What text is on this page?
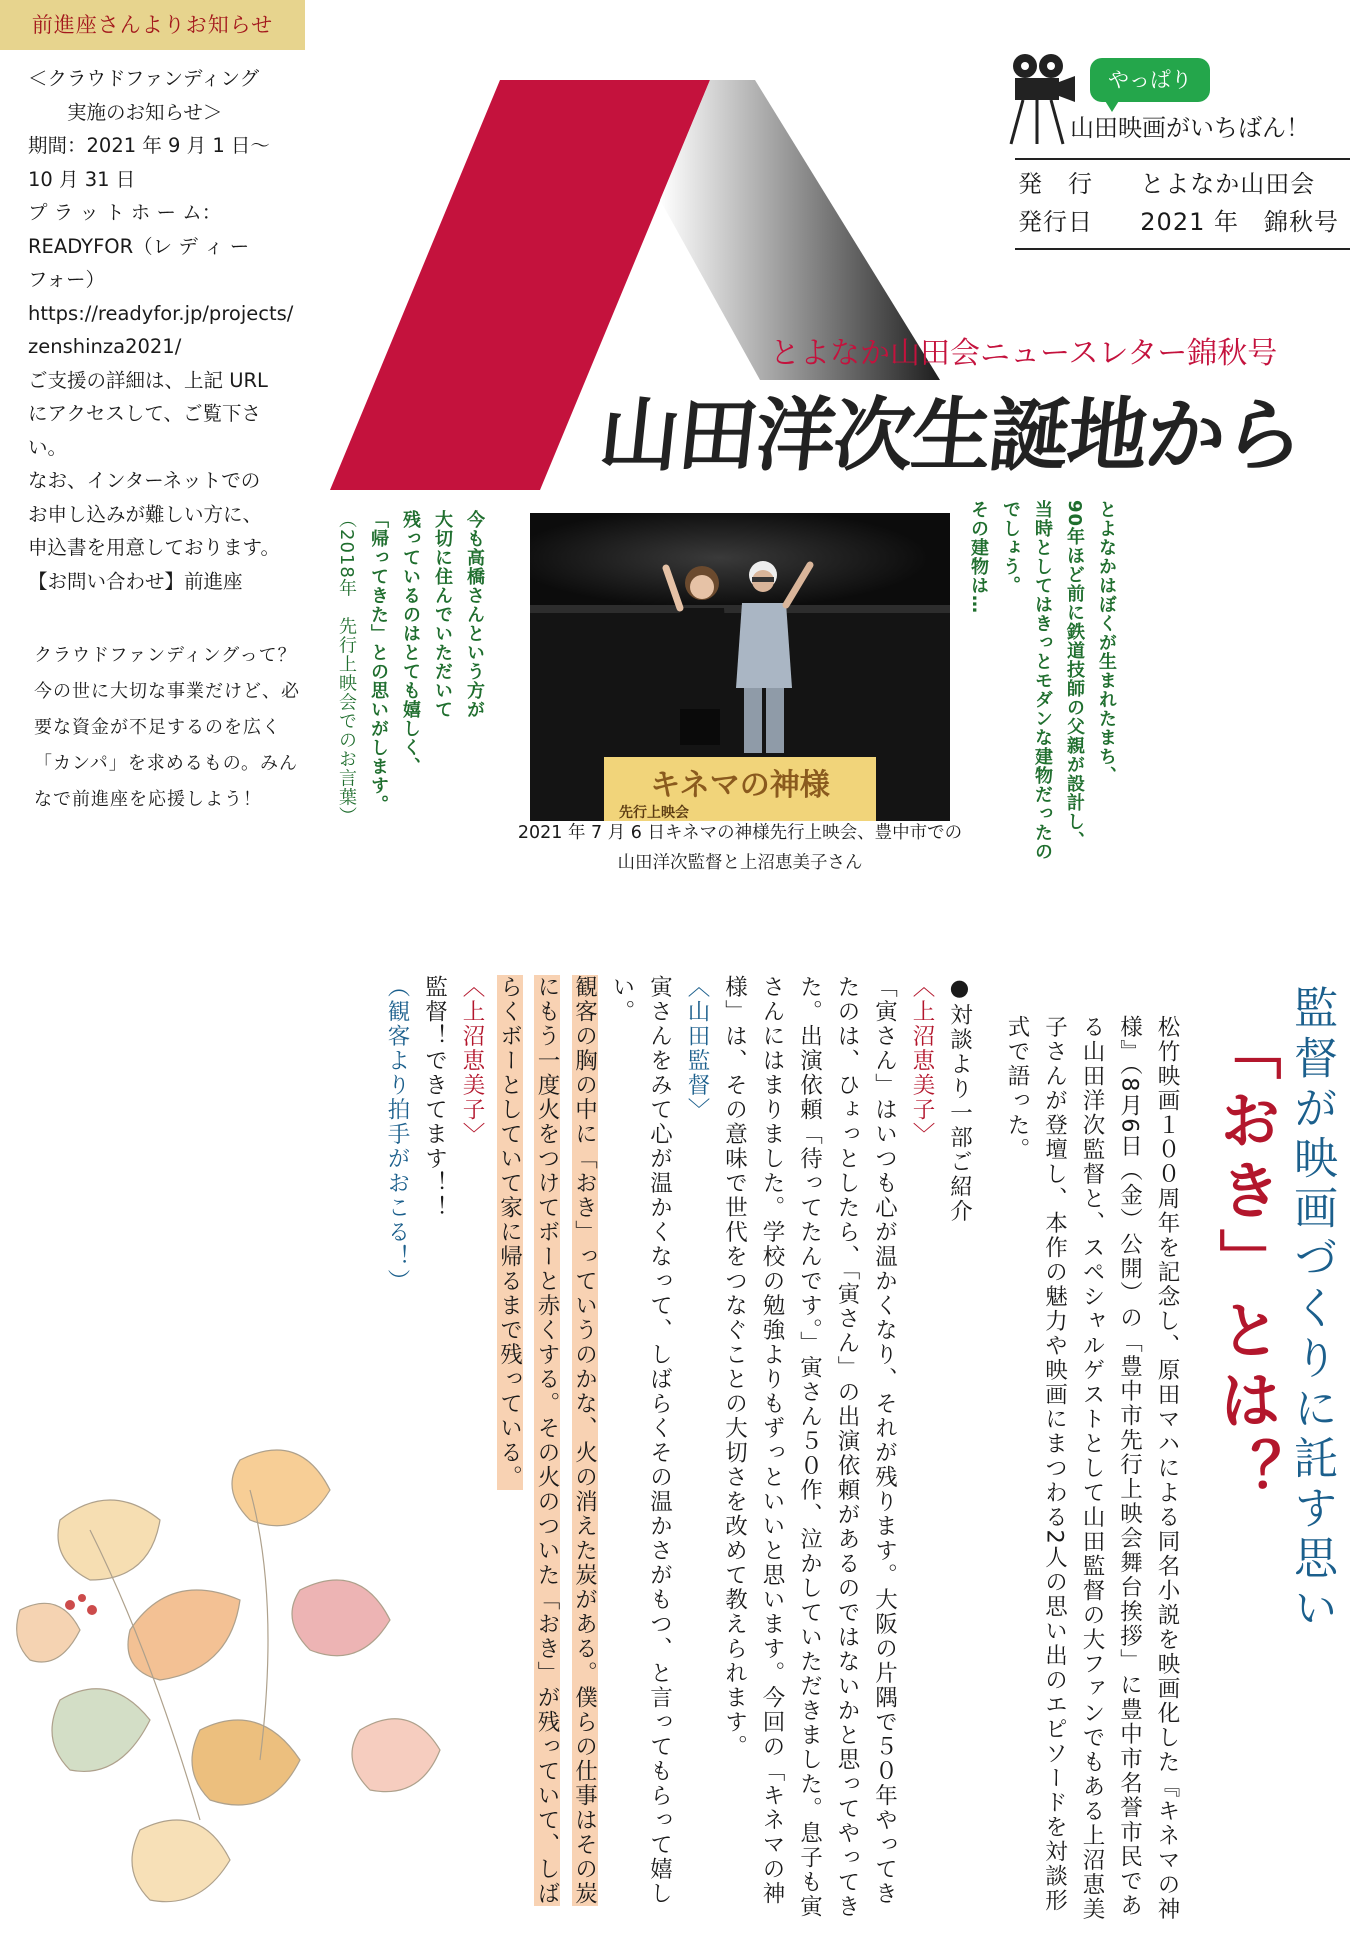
前進座さんよりお知らせ
＜クラウドファンディング
　　実施のお知らせ＞
期間：2021 年 9 月 1 日〜
10 月 31 日
プ ラ ッ ト ホ ー ム：
READYFOR（レ デ ィ ー
フォー）
https://readyfor.jp/projects/
zenshinza2021/
ご支援の詳細は、上記 URL
にアクセスして、ご覧下さ
い。
なお、インターネットでの
お申し込みが難しい方に、
申込書を用意しております。
【お問い合わせ】前進座
クラウドファンディングって？今の世に大切な事業だけど、必要な資金が不足するのを広く「カンパ」を求めるもの。みんなで前進座を応援しよう！
やっぱり
山田映画がいちばん！
発　行 とよなか山田会
発行日 2021 年　錦秋号
とよなか山田会ニュースレター錦秋号
山田洋次生誕地から
とよなかはぼくが生まれたまち、
90年ほど前に鉄道技師の父親が設計し、
当時としてはきっとモダンな建物だったの
でしょう。
その建物は…
今も高橋さんという方が
大切に住んでいただいて
残っているのはとても嬉しく、
「帰ってきた」との思いがします。
（2018年　先行上映会でのお言葉）	キネマの神様
先行上映会
2021 年 7 月 6 日キネマの神様先行上映会、豊中市での
山田洋次監督と上沼恵美子さん
監督が映画づくりに託す思い
「おき」とは？
松竹映画１００周年を記念し、原田マハによる同名小説を映画化した『キネマの神様』（8月6日（金）公開）の「豊中市先行上映会舞台挨拶」に豊中市名誉市民である山田洋次監督と、スペシャルゲストとして山田監督の大ファンでもある上沼恵美子さんが登壇し、本作の魅力や映画にまつわる2人の思い出のエピソードを対談形式で語った。
●対談より一部ご紹介
〈上沼恵美子〉
「寅さん」はいつも心が温かくなり、それが残ります。大阪の片隅で５０年やってきたのは、ひょっとしたら、「寅さん」の出演依頼があるのではないかと思ってやってきた。出演依頼「待ってたんです。」寅さん５０作、泣かしていただきました。息子も寅さんにはまりました。学校の勉強よりもずっといいと思います。今回の「キネマの神様」は、その意味で世代をつなぐことの大切さを改めて教えられます。
〈山田監督〉
寅さんをみて心が温かくなって、しばらくその温かさがもつ、と言ってもらって嬉しい。
観客の胸の中に「おき」っていうのかな、火の消えた炭がある。僕らの仕事はその炭にもう一度火をつけてボーと赤くする。その火のついた「おき」が残っていて、しばらくボーとしていて家に帰るまで残っている。
〈上沼恵美子〉
監督！できてます！！
（観客より拍手がおこる！）
